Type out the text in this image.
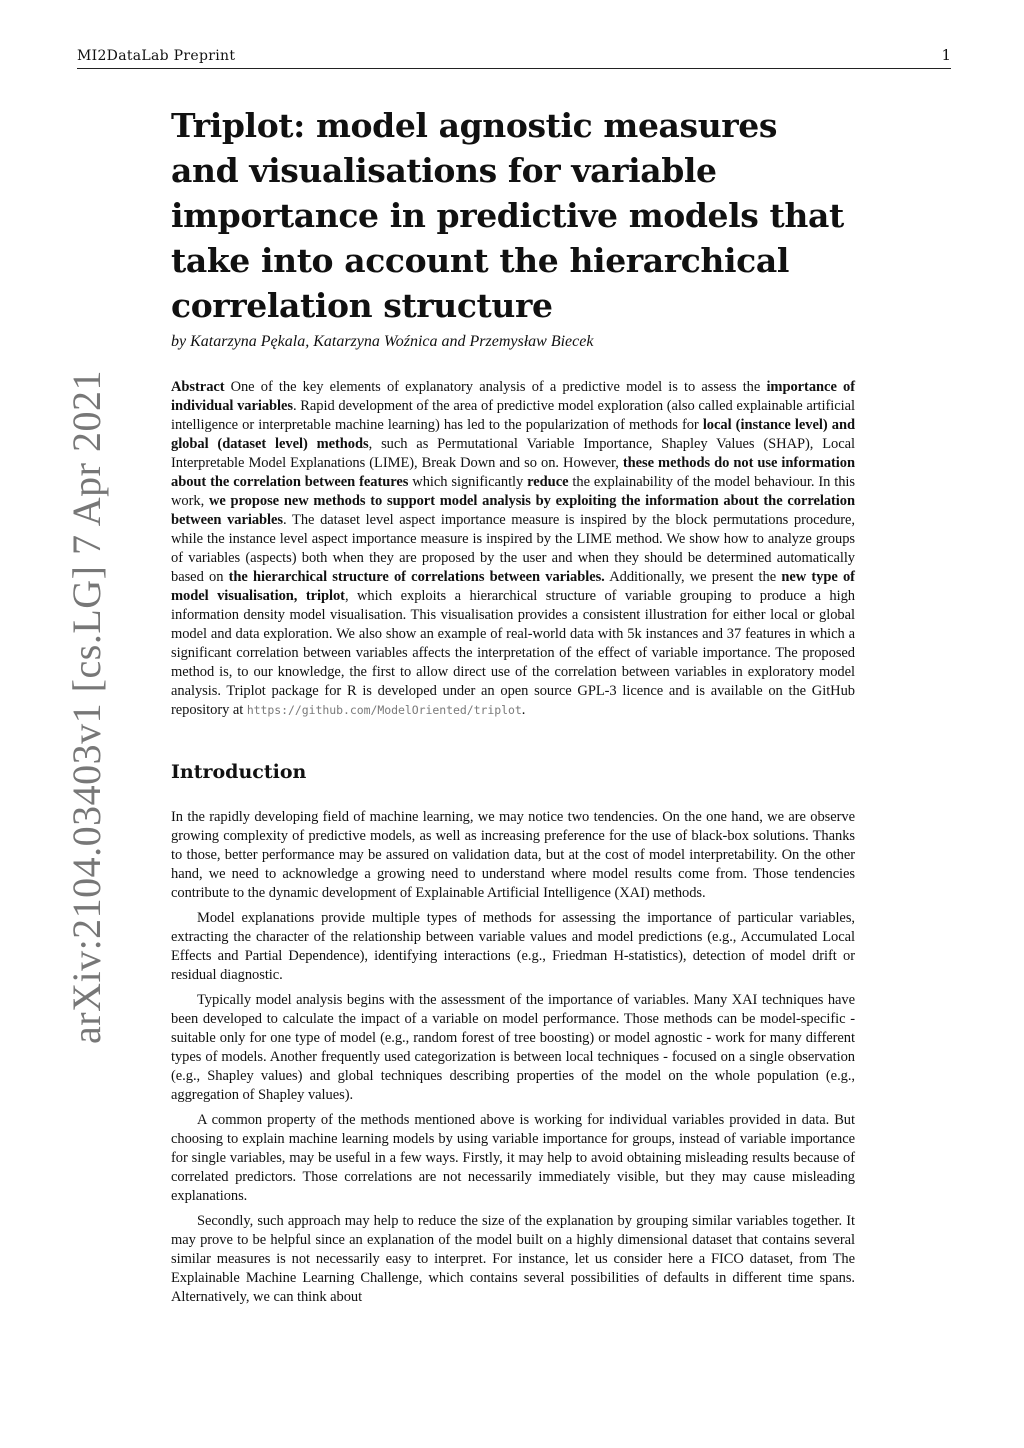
MI2DataLab Preprint	1
arXiv:2104.03403v1 [cs.LG] 7 Apr 2021
Triplot: model agnostic measures and visualisations for variable importance in predictive models that take into account the hierarchical correlation structure
by Katarzyna Pękala, Katarzyna Woźnica and Przemysław Biecek
Abstract One of the key elements of explanatory analysis of a predictive model is to assess the importance of individual variables. Rapid development of the area of predictive model exploration (also called explainable artificial intelligence or interpretable machine learning) has led to the popularization of methods for local (instance level) and global (dataset level) methods, such as Permutational Variable Importance, Shapley Values (SHAP), Local Interpretable Model Explanations (LIME), Break Down and so on. However, these methods do not use information about the correlation between features which significantly reduce the explainability of the model behaviour. In this work, we propose new methods to support model analysis by exploiting the information about the correlation between variables. The dataset level aspect importance measure is inspired by the block permutations procedure, while the instance level aspect importance measure is inspired by the LIME method. We show how to analyze groups of variables (aspects) both when they are proposed by the user and when they should be determined automatically based on the hierarchical structure of correlations between variables. Additionally, we present the new type of model visualisation, triplot, which exploits a hierarchical structure of variable grouping to produce a high information density model visualisation. This visualisation provides a consistent illustration for either local or global model and data exploration. We also show an example of real-world data with 5k instances and 37 features in which a significant correlation between variables affects the interpretation of the effect of variable importance. The proposed method is, to our knowledge, the first to allow direct use of the correlation between variables in exploratory model analysis. Triplot package for R is developed under an open source GPL-3 licence and is available on the GitHub repository at https://github.com/ModelOriented/triplot.
Introduction

In the rapidly developing field of machine learning, we may notice two tendencies. On the one hand, we are observe growing complexity of predictive models, as well as increasing preference for the use of black-box solutions. Thanks to those, better performance may be assured on validation data, but at the cost of model interpretability. On the other hand, we need to acknowledge a growing need to understand where model results come from. Those tendencies contribute to the dynamic development of Explainable Artificial Intelligence (XAI) methods.

Model explanations provide multiple types of methods for assessing the importance of particular variables, extracting the character of the relationship between variable values and model predictions (e.g., Accumulated Local Effects and Partial Dependence), identifying interactions (e.g., Friedman H-statistics), detection of model drift or residual diagnostic.

Typically model analysis begins with the assessment of the importance of variables. Many XAI techniques have been developed to calculate the impact of a variable on model performance. Those methods can be model-specific - suitable only for one type of model (e.g., random forest of tree boosting) or model agnostic - work for many different types of models. Another frequently used categorization is between local techniques - focused on a single observation (e.g., Shapley values) and global techniques describing properties of the model on the whole population (e.g., aggregation of Shapley values).

A common property of the methods mentioned above is working for individual variables provided in data. But choosing to explain machine learning models by using variable importance for groups, instead of variable importance for single variables, may be useful in a few ways. Firstly, it may help to avoid obtaining misleading results because of correlated predictors. Those correlations are not necessarily immediately visible, but they may cause misleading explanations.

Secondly, such approach may help to reduce the size of the explanation by grouping similar variables together. It may prove to be helpful since an explanation of the model built on a highly dimensional dataset that contains several similar measures is not necessarily easy to interpret. For instance, let us consider here a FICO dataset, from The Explainable Machine Learning Challenge, which contains several possibilities of defaults in different time spans. Alternatively, we can think about
